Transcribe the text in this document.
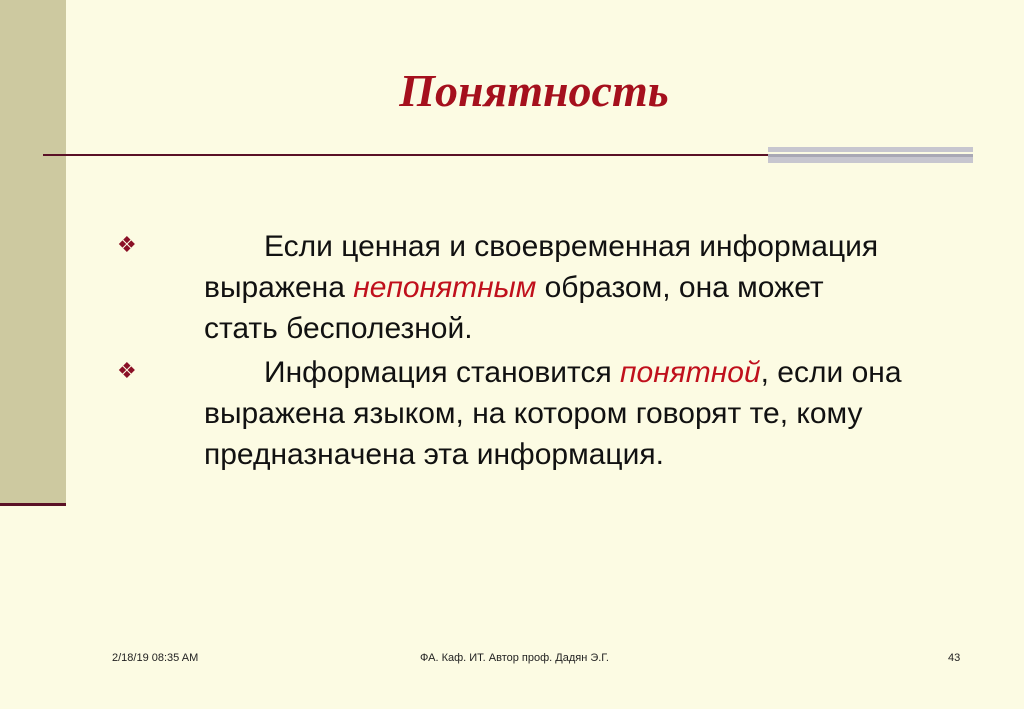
Понятность
❖	Если ценная и своевременная информация выражена непонятным образом, она может стать бесполезной.
❖	Информация становится понятной, если она выражена языком, на котором говорят те, кому предназначена эта информация.
2/18/19 08:35 AM	ФА. Каф. ИТ. Автор проф. Дадян Э.Г.	43
